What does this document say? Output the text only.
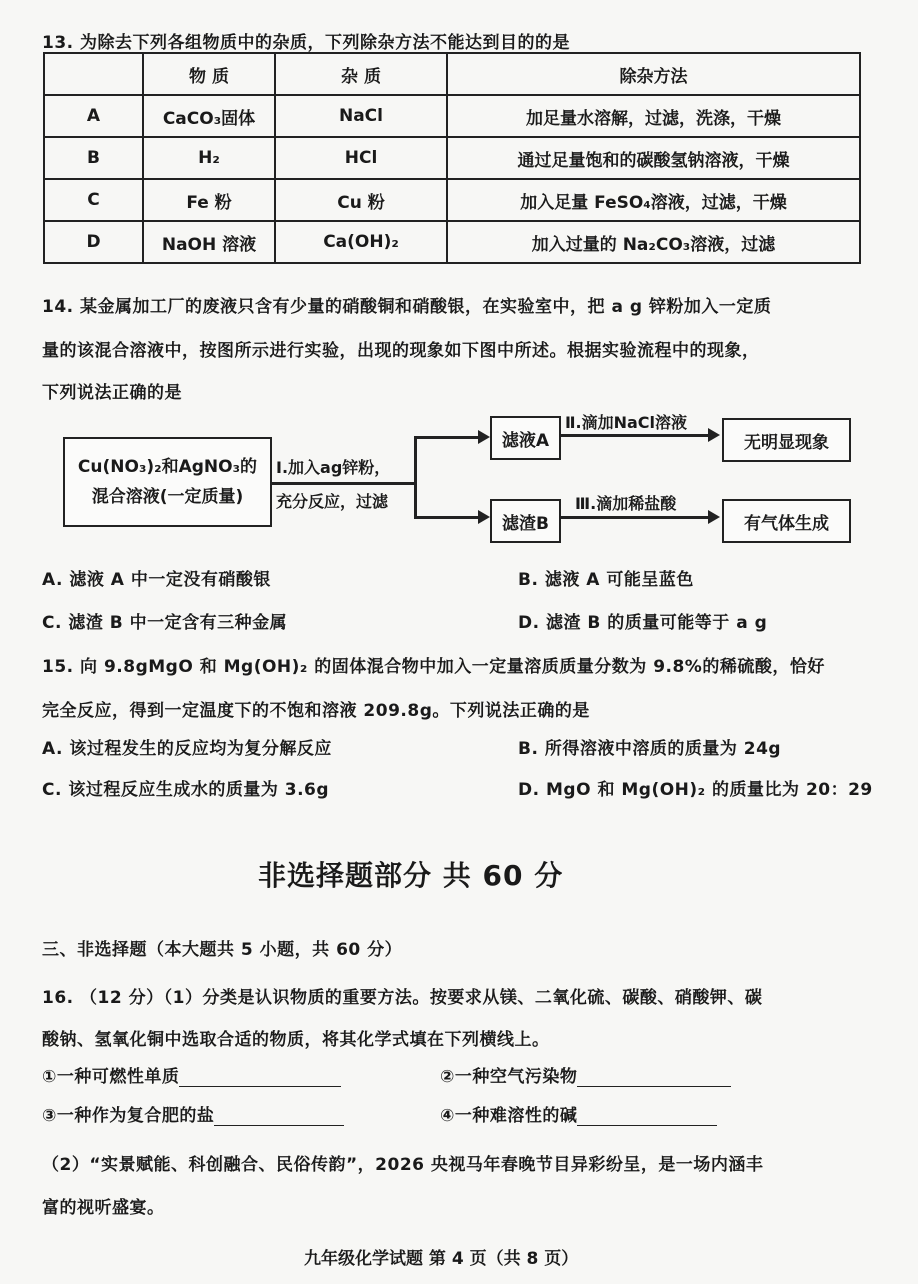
13. 为除去下列各组物质中的杂质，下列除杂方法不能达到目的的是
	物 质	杂 质	除杂方法
A	CaCO₃固体	NaCl	加足量水溶解，过滤，洗涤，干燥
B	H₂	HCl	通过足量饱和的碳酸氢钠溶液，干燥
C	Fe 粉	Cu 粉	加入足量 FeSO₄溶液，过滤，干燥
D	NaOH 溶液	Ca(OH)₂	加入过量的 Na₂CO₃溶液，过滤
14. 某金属加工厂的废液只含有少量的硝酸铜和硝酸银，在实验室中，把 a g 锌粉加入一定质
量的该混合溶液中，按图所示进行实验，出现的现象如下图中所述。根据实验流程中的现象，
下列说法正确的是
Cu(NO₃)₂和AgNO₃的
混合溶液(一定质量)
Ⅰ.加入ag锌粉，
充分反应，过滤
滤液A
滤渣B
Ⅱ.滴加NaCl溶液
Ⅲ.滴加稀盐酸
无明显现象
有气体生成
A. 滤液 A 中一定没有硝酸银	B. 滤液 A 可能呈蓝色
C. 滤渣 B 中一定含有三种金属	D. 滤渣 B 的质量可能等于 a g
15. 向 9.8gMgO 和 Mg(OH)₂ 的固体混合物中加入一定量溶质质量分数为 9.8%的稀硫酸，恰好
完全反应，得到一定温度下的不饱和溶液 209.8g。下列说法正确的是
A. 该过程发生的反应均为复分解反应	B. 所得溶液中溶质的质量为 24g
C. 该过程反应生成水的质量为 3.6g	D. MgO 和 Mg(OH)₂ 的质量比为 20：29
非选择题部分 共 60 分
三、非选择题（本大题共 5 小题，共 60 分）
16. （12 分）（1）分类是认识物质的重要方法。按要求从镁、二氧化硫、碳酸、硝酸钾、碳
酸钠、氢氧化铜中选取合适的物质，将其化学式填在下列横线上。
①一种可燃性单质	②一种空气污染物
③一种作为复合肥的盐	④一种难溶性的碱
（2）“实景赋能、科创融合、民俗传韵”，2026 央视马年春晚节目异彩纷呈，是一场内涵丰
富的视听盛宴。
九年级化学试题 第 4 页（共 8 页）
